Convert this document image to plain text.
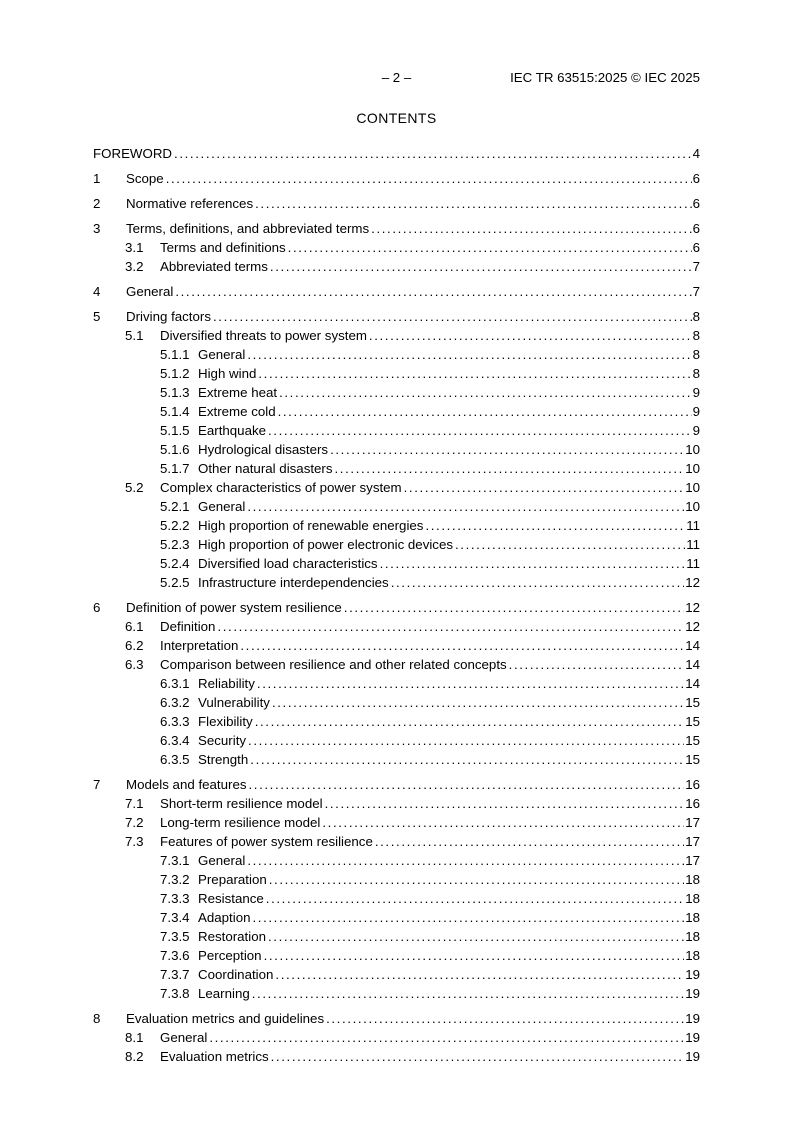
– 2 –	IEC TR 63515:2025 © IEC 2025
CONTENTS
FOREWORD .....	4
1	Scope .....	6
2	Normative references .....	6
3	Terms, definitions, and abbreviated terms .....	6
3.1	Terms and definitions .....	6
3.2	Abbreviated terms .....	7
4	General .....	7
5	Driving factors .....	8
5.1	Diversified threats to power system .....	8
5.1.1 General .....	8
5.1.2 High wind .....	8
5.1.3 Extreme heat .....	9
5.1.4 Extreme cold .....	9
5.1.5 Earthquake .....	9
5.1.6 Hydrological disasters .....	10
5.1.7 Other natural disasters .....	10
5.2	Complex characteristics of power system .....	10
5.2.1 General .....	10
5.2.2 High proportion of renewable energies .....	11
5.2.3 High proportion of power electronic devices .....	11
5.2.4 Diversified load characteristics .....	11
5.2.5 Infrastructure interdependencies .....	12
6	Definition of power system resilience .....	12
6.1	Definition .....	12
6.2	Interpretation .....	14
6.3	Comparison between resilience and other related concepts .....	14
6.3.1 Reliability .....	14
6.3.2 Vulnerability .....	15
6.3.3 Flexibility .....	15
6.3.4 Security .....	15
6.3.5 Strength .....	15
7	Models and features .....	16
7.1	Short-term resilience model .....	16
7.2	Long-term resilience model .....	17
7.3	Features of power system resilience .....	17
7.3.1 General .....	17
7.3.2 Preparation .....	18
7.3.3 Resistance .....	18
7.3.4 Adaption .....	18
7.3.5 Restoration .....	18
7.3.6 Perception .....	18
7.3.7 Coordination .....	19
7.3.8 Learning .....	19
8	Evaluation metrics and guidelines .....	19
8.1	General .....	19
8.2	Evaluation metrics .....	19
